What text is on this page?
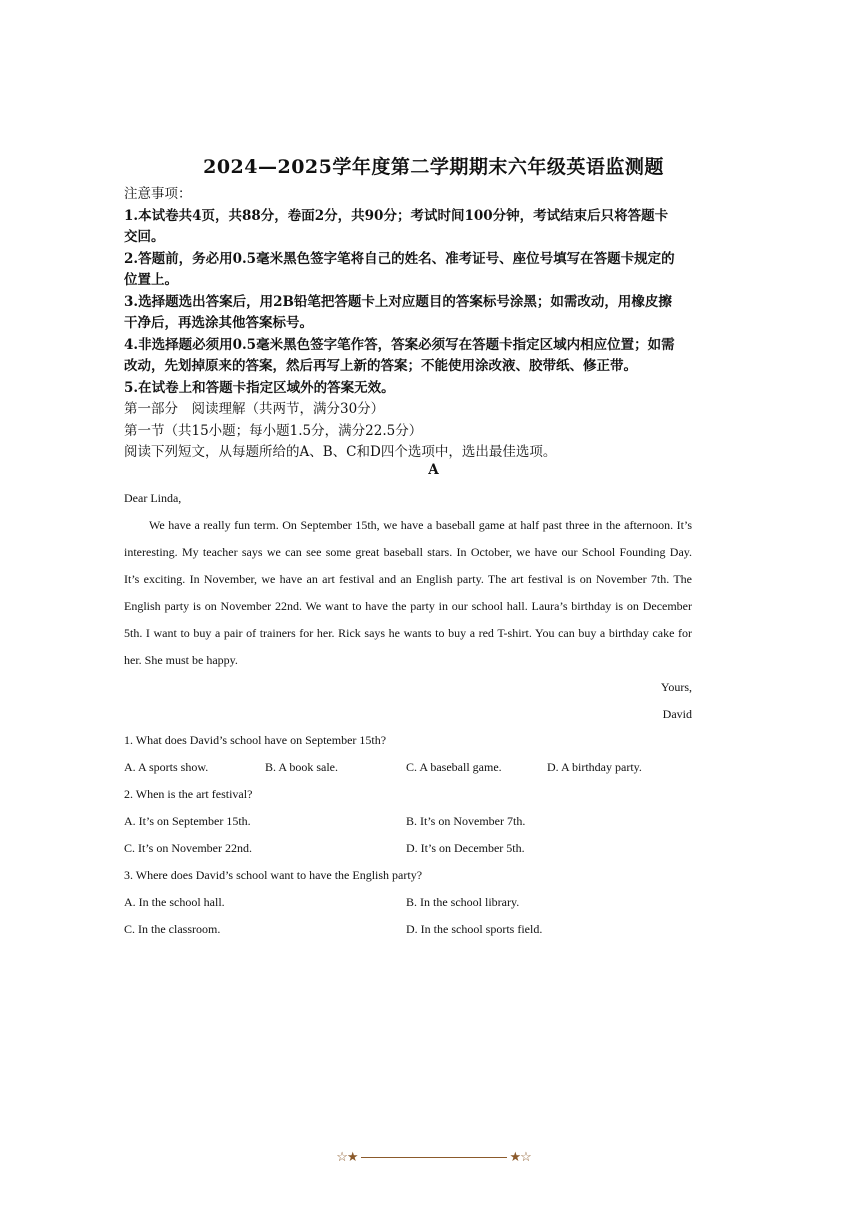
2024—2025学年度第二学期期末六年级英语监测题
注意事项：
1.本试卷共4页，共88分，卷面2分，共90分；考试时间100分钟，考试结束后只将答题卡
交回。
2.答题前，务必用0.5毫米黑色签字笔将自己的姓名、准考证号、座位号填写在答题卡规定的
位置上。
3.选择题选出答案后，用2B铅笔把答题卡上对应题目的答案标号涂黑；如需改动，用橡皮擦
干净后，再选涂其他答案标号。
4.非选择题必须用0.5毫米黑色签字笔作答，答案必须写在答题卡指定区域内相应位置；如需
改动，先划掉原来的答案，然后再写上新的答案；不能使用涂改液、胶带纸、修正带。
5.在试卷上和答题卡指定区域外的答案无效。
第一部分　阅读理解（共两节，满分30分）
第一节（共15小题；每小题1.5分，满分22.5分）
阅读下列短文，从每题所给的A、B、C和D四个选项中，选出最佳选项。
A
Dear Linda,
We have a really fun term. On September 15th, we have a baseball game at half past three in the afternoon. It’s
interesting. My teacher says we can see some great baseball stars. In October, we have our School Founding Day.
It’s exciting. In November, we have an art festival and an English party. The art festival is on November 7th. The
English party is on November 22nd. We want to have the party in our school hall. Laura’s birthday is on December
5th. I want to buy a pair of trainers for her. Rick says he wants to buy a red T-shirt. You can buy a birthday cake for
her. She must be happy.
Yours,
David
1. What does David’s school have on September 15th?
A. A sports show.	B. A book sale.	C. A baseball game.	D. A birthday party.
2. When is the art festival?
A. It’s on September 15th.	B. It’s on November 7th.
C. It’s on November 22nd.	D. It’s on December 5th.
3. Where does David’s school want to have the English party?
A. In the school hall.	B. In the school library.
C. In the classroom.	D. In the school sports field.
☆★	★☆
